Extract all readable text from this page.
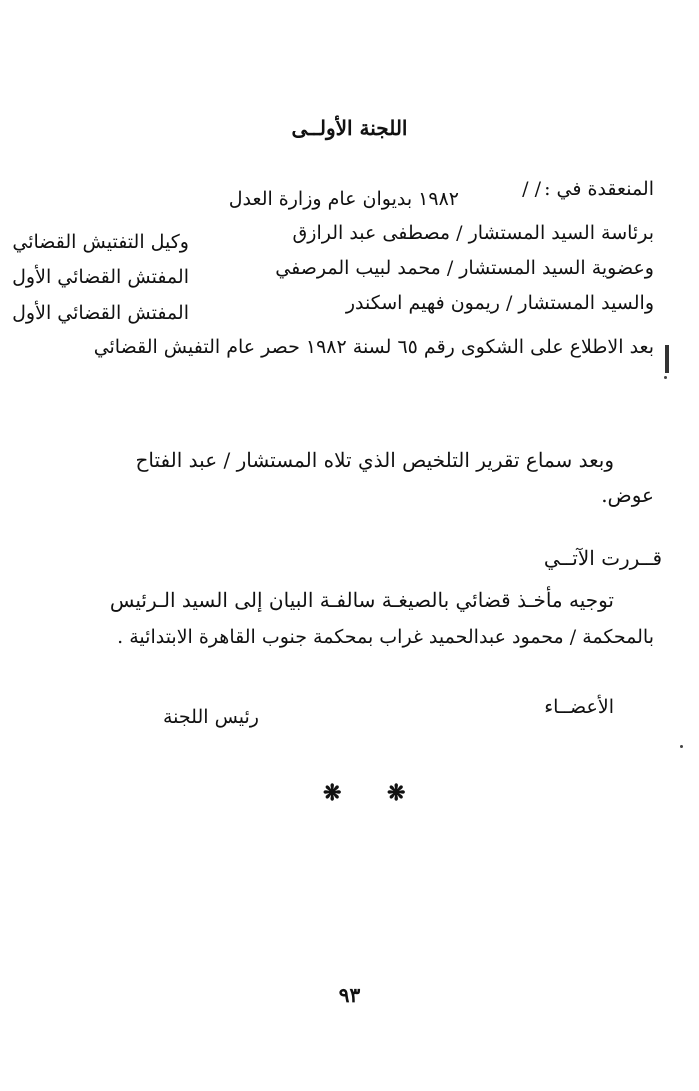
اللجنة الأولــى
المنعقدة في :
/ /
١٩٨٢ بديوان عام وزارة العدل
برئاسة السيد المستشار / مصطفى عبد الرازق
وكيل التفتيش القضائي
وعضوية السيد المستشار / محمد لبيب المرصفي
المفتش القضائي الأول
والسيد المستشار / ريمون فهيم اسكندر
المفتش القضائي الأول
بعد الاطلاع على الشكوى رقم ٦٥ لسنة ١٩٨٢ حصر عام التفيش القضائي
وبعد سماع تقرير التلخيص الذي تلاه المستشار / عبد الفتاح
عوض.
قــررت الآتــي
توجيه مأخـذ قضائي بالصيغـة سالفـة البيان إلى السيد الـرئيس
بالمحكمة / محمود عبدالحميد غراب بمحكمة جنوب القاهرة الابتدائية .
الأعضــاء
رئيس اللجنة
❋ ❋
٩٣
